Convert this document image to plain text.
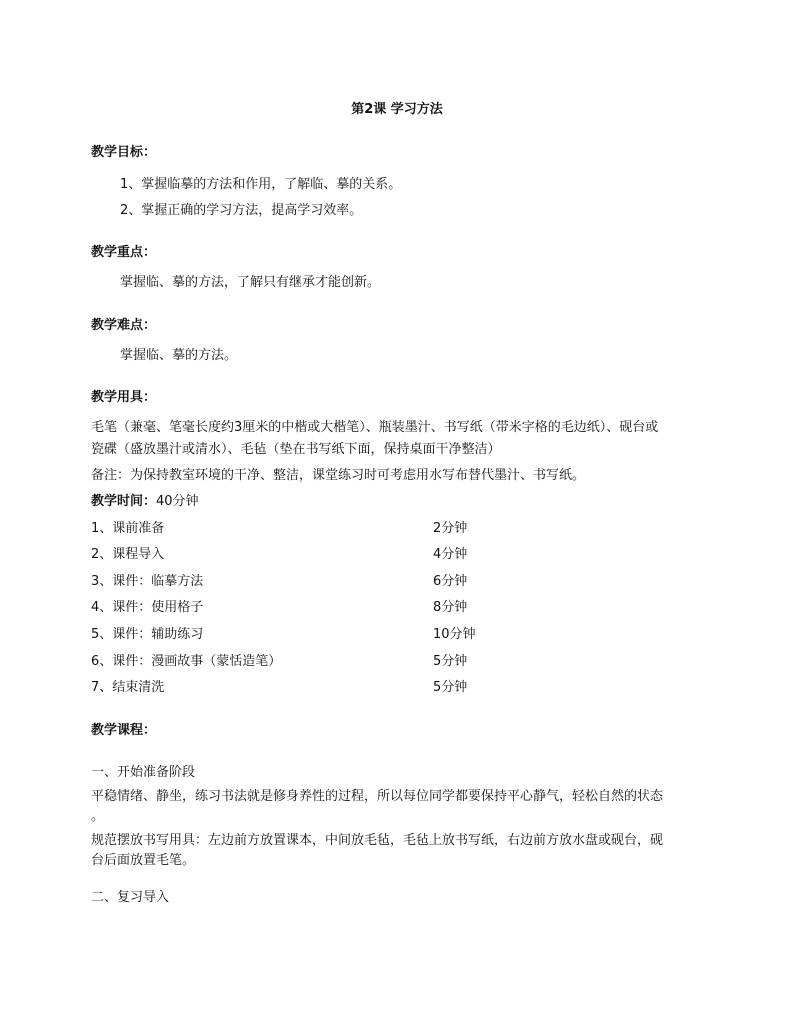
第2课 学习方法
教学目标：
1、掌握临摹的方法和作用，了解临、摹的关系。
2、掌握正确的学习方法，提高学习效率。
教学重点：
掌握临、摹的方法，了解只有继承才能创新。
教学难点：
掌握临、摹的方法。
教学用具：
毛笔（兼毫、笔毫长度约3厘米的中楷或大楷笔）、瓶装墨汁、书写纸（带米字格的毛边纸）、砚台或
瓷碟（盛放墨汁或清水）、毛毡（垫在书写纸下面，保持桌面干净整洁）
备注：为保持教室环境的干净、整洁，课堂练习时可考虑用水写布替代墨汁、书写纸。
教学时间：40分钟
1、课前准备	2分钟
2、课程导入	4分钟
3、课件：临摹方法	6分钟
4、课件：使用格子	8分钟
5、课件：辅助练习	10分钟
6、课件：漫画故事（蒙恬造笔）	5分钟
7、结束清洗	5分钟
教学课程：
一、开始准备阶段
平稳情绪、静坐，练习书法就是修身养性的过程，所以每位同学都要保持平心静气，轻松自然的状态
。
规范摆放书写用具：左边前方放置课本，中间放毛毡，毛毡上放书写纸，右边前方放水盘或砚台，砚
台后面放置毛笔。
二、复习导入
